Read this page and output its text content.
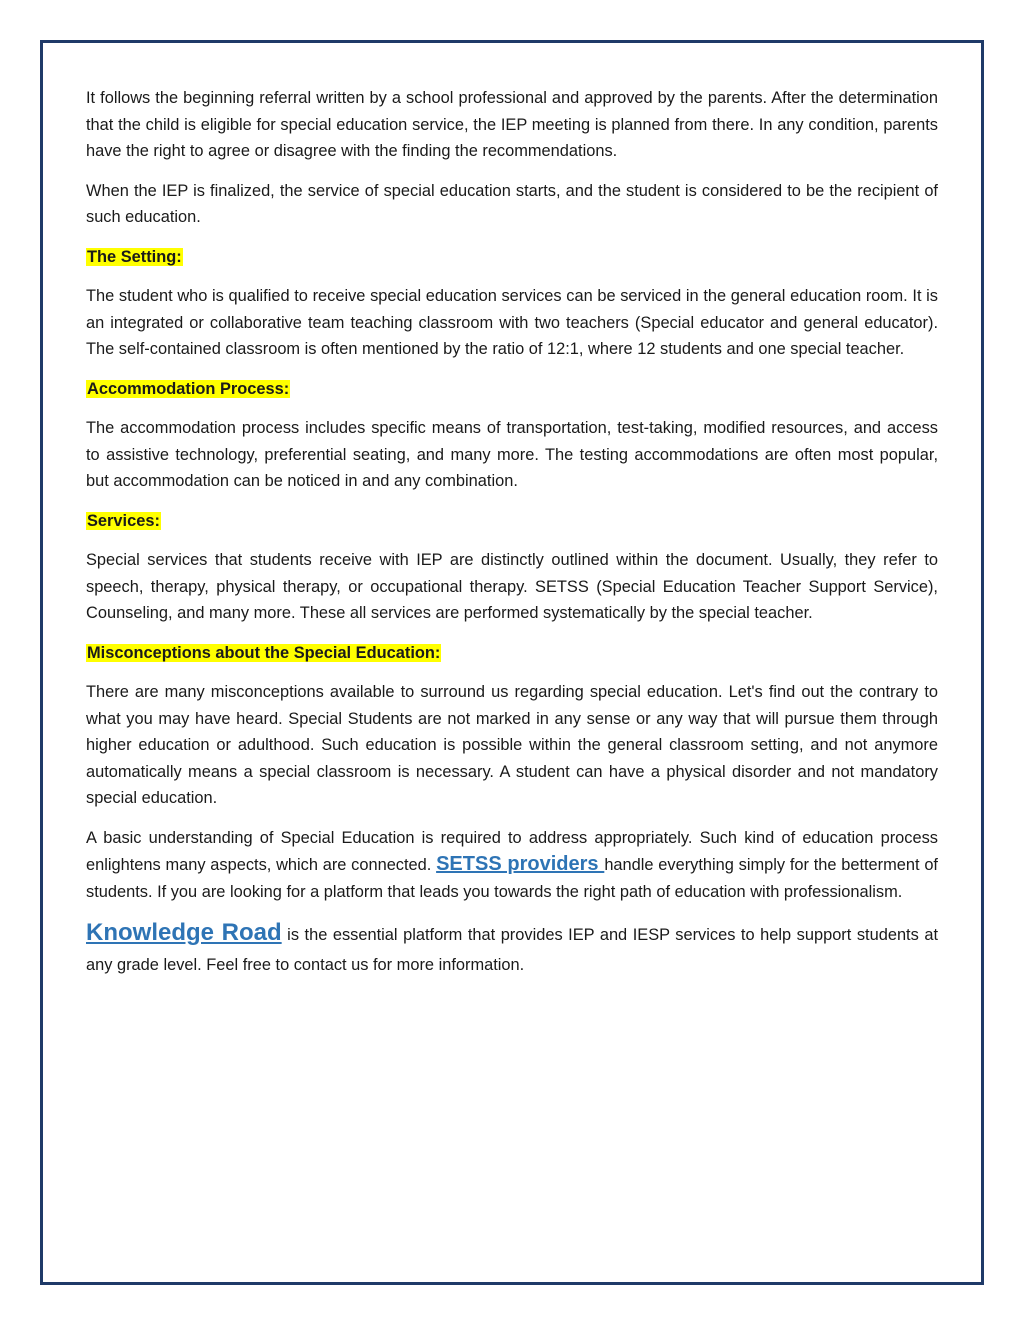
It follows the beginning referral written by a school professional and approved by the parents. After the determination that the child is eligible for special education service, the IEP meeting is planned from there. In any condition, parents have the right to agree or disagree with the finding the recommendations.

When the IEP is finalized, the service of special education starts, and the student is considered to be the recipient of such education.

The Setting:

The student who is qualified to receive special education services can be serviced in the general education room. It is an integrated or collaborative team teaching classroom with two teachers (Special educator and general educator). The self-contained classroom is often mentioned by the ratio of 12:1, where 12 students and one special teacher.

Accommodation Process:

The accommodation process includes specific means of transportation, test-taking, modified resources, and access to assistive technology, preferential seating, and many more. The testing accommodations are often most popular, but accommodation can be noticed in and any combination.

Services:

Special services that students receive with IEP are distinctly outlined within the document. Usually, they refer to speech, therapy, physical therapy, or occupational therapy. SETSS (Special Education Teacher Support Service), Counseling, and many more. These all services are performed systematically by the special teacher.

Misconceptions about the Special Education:

There are many misconceptions available to surround us regarding special education. Let's find out the contrary to what you may have heard. Special Students are not marked in any sense or any way that will pursue them through higher education or adulthood. Such education is possible within the general classroom setting, and not anymore automatically means a special classroom is necessary. A student can have a physical disorder and not mandatory special education.

A basic understanding of Special Education is required to address appropriately. Such kind of education process enlightens many aspects, which are connected. SETSS providers handle everything simply for the betterment of students. If you are looking for a platform that leads you towards the right path of education with professionalism.

Knowledge Road is the essential platform that provides IEP and IESP services to help support students at any grade level. Feel free to contact us for more information.
